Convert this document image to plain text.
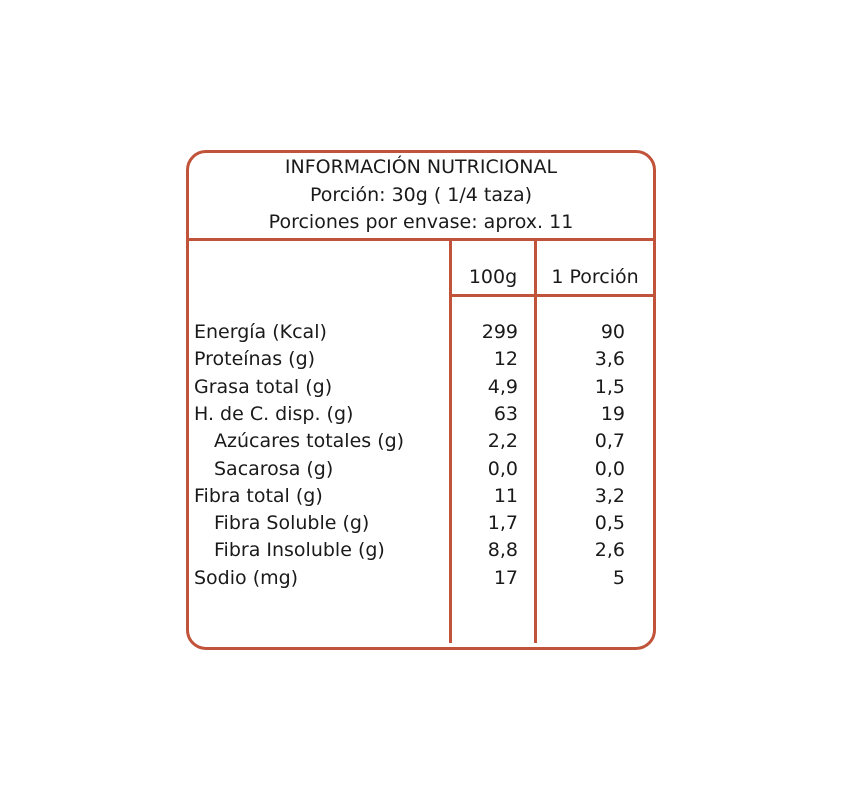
INFORMACIÓN NUTRICIONAL
Porción: 30g ( 1/4 taza)
Porciones por envase: aprox. 11
100g	1 Porción
Energía (Kcal)	299	90
Proteínas (g)	12	3,6
Grasa total (g)	4,9	1,5
H. de C. disp. (g)	63	19
Azúcares totales (g)	2,2	0,7
Sacarosa (g)	0,0	0,0
Fibra total (g)	11	3,2
Fibra Soluble (g)	1,7	0,5
Fibra Insoluble (g)	8,8	2,6
Sodio (mg)	17	5
